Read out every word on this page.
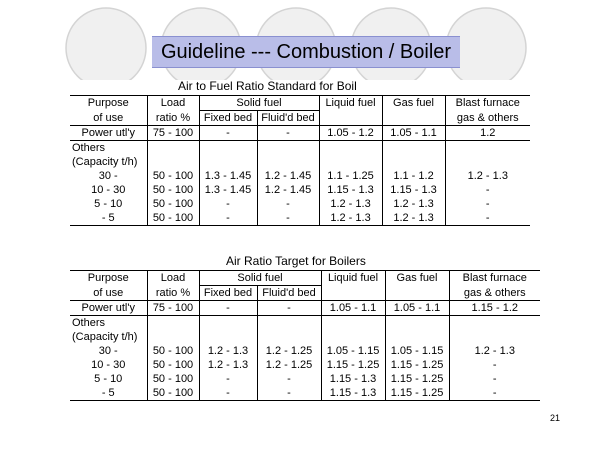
Guideline --- Combustion / Boiler
Air to Fuel Ratio Standard for Boil
Purpose	Load	Solid fuel		Liquid fuel	Gas fuel	Blast furnace
of use	ratio %	Fixed bed	Fluid'd bed			gas & others
Power utl'y	75 - 100	-	-	1.05 - 1.2	1.05 - 1.1	1.2
Others						
(Capacity t/h)						
30 -	50 - 100	1.3 - 1.45	1.2 - 1.45	1.1 - 1.25	1.1 - 1.2	1.2 - 1.3
10 - 30	50 - 100	1.3 - 1.45	1.2 - 1.45	1.15 - 1.3	1.15 - 1.3	-
5 - 10	50 - 100	-	-	1.2 - 1.3	1.2 - 1.3	-
- 5	50 - 100	-	-	1.2 - 1.3	1.2 - 1.3	-
Air Ratio Target for Boilers
Purpose	Load	Solid fuel		Liquid fuel	Gas fuel	Blast furnace
of use	ratio %	Fixed bed	Fluid'd bed			gas & others
Power utl'y	75 - 100	-	-	1.05 - 1.1	1.05 - 1.1	1.15 - 1.2
Others						
(Capacity t/h)						
30 -	50 - 100	1.2 - 1.3	1.2 - 1.25	1.05 - 1.15	1.05 - 1.15	1.2 - 1.3
10 - 30	50 - 100	1.2 - 1.3	1.2 - 1.25	1.15 - 1.25	1.15 - 1.25	-
5 - 10	50 - 100	-	-	1.15 - 1.3	1.15 - 1.25	-
- 5	50 - 100	-	-	1.15 - 1.3	1.15 - 1.25	-
21
